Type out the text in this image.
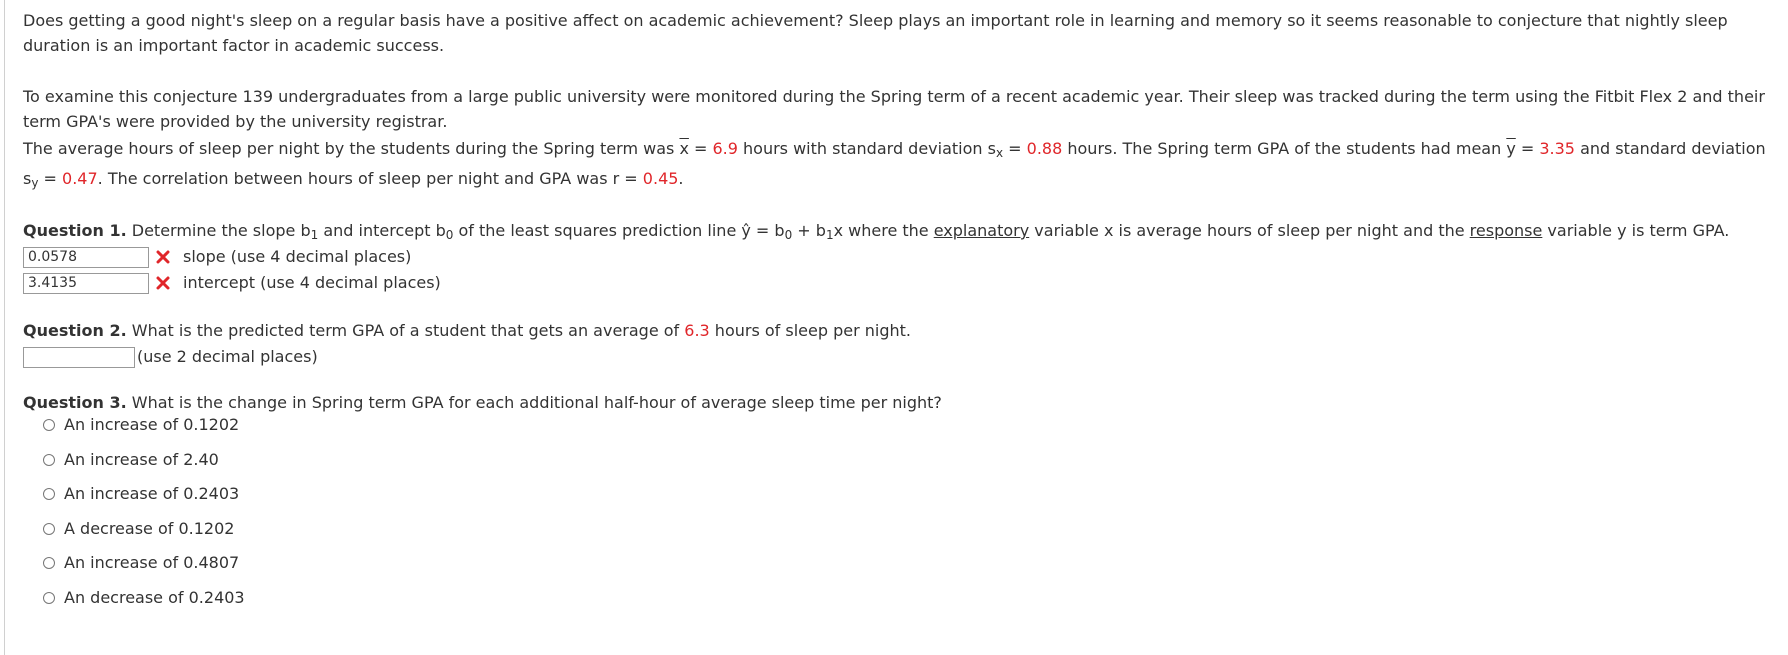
Does getting a good night's sleep on a regular basis have a positive affect on academic achievement? Sleep plays an important role in learning and memory so it seems reasonable to conjecture that nightly sleep duration is an important factor in academic success.

To examine this conjecture 139 undergraduates from a large public university were monitored during the Spring term of a recent academic year. Their sleep was tracked during the term using the Fitbit Flex 2 and their term GPA's were provided by the university registrar.

The average hours of sleep per night by the students during the Spring term was $\overline{x} = 6.9$ hours with standard deviation $s_x = 0.88$ hours. The Spring term GPA of the students had mean $\overline{y} = 3.35$ and standard deviation $s_y = 0.47$. The correlation between hours of sleep per night and GPA was r = 0.45.

Question 1. Determine the slope $b_1$ and intercept $b_0$ of the least squares prediction line ŷ = $b_0 + b_1x$ where the explanatory variable x is average hours of sleep per night and the response variable y is term GPA.
0.0578
slope (use 4 decimal places)
3.4135
intercept (use 4 decimal places)
Question 2. What is the predicted term GPA of a student that gets an average of 6.3 hours of sleep per night.
(use 2 decimal places)
Question 3. What is the change in Spring term GPA for each additional half-hour of average sleep time per night?
An increase of 0.1202
An increase of 2.40
An increase of 0.2403
A decrease of 0.1202
An increase of 0.4807
An decrease of 0.2403
